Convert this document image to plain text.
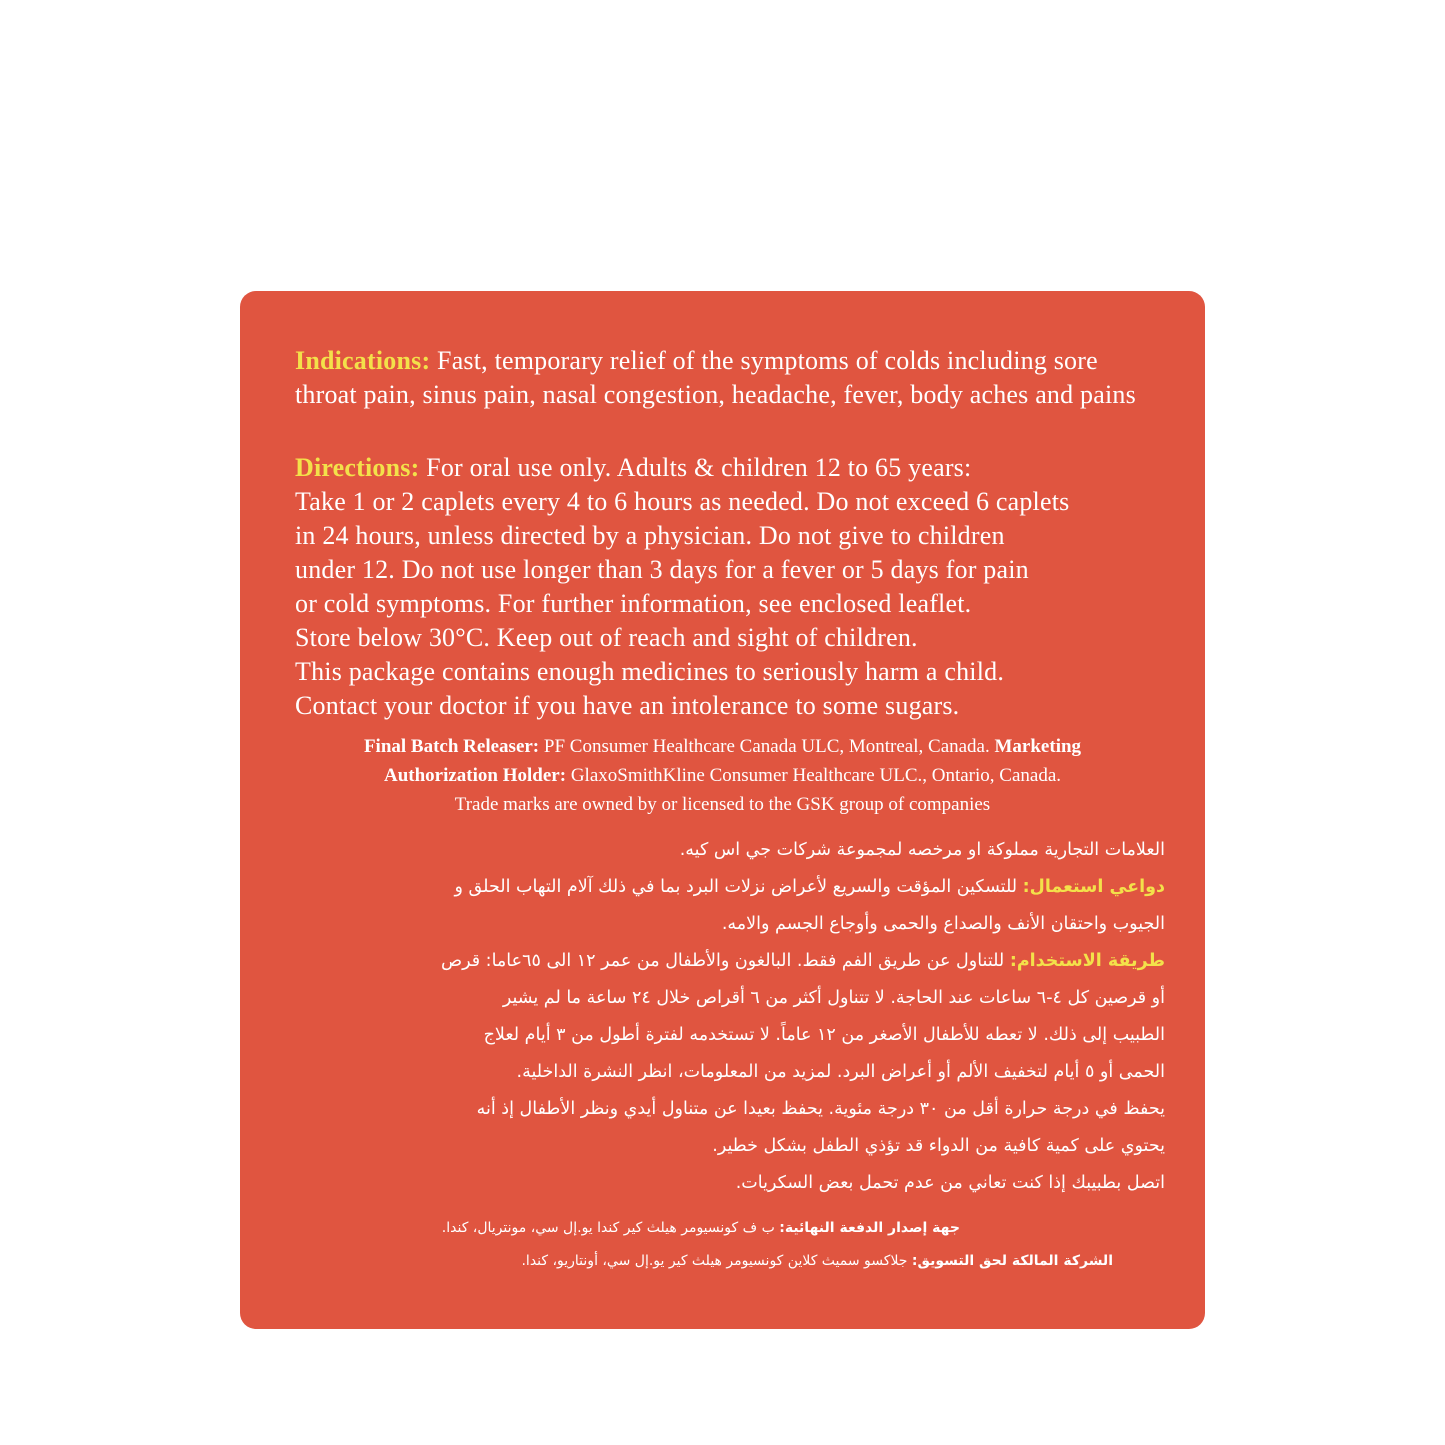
Indications: Fast, temporary relief of the symptoms of colds including sore throat pain, sinus pain, nasal congestion, headache, fever, body aches and pains
Directions: For oral use only. Adults & children 12 to 65 years:
Take 1 or 2 caplets every 4 to 6 hours as needed. Do not exceed 6 caplets
in 24 hours, unless directed by a physician. Do not give to children
under 12. Do not use longer than 3 days for a fever or 5 days for pain
or cold symptoms. For further information, see enclosed leaflet.
Store below 30°C. Keep out of reach and sight of children.
This package contains enough medicines to seriously harm a child.
Contact your doctor if you have an intolerance to some sugars.
Final Batch Releaser: PF Consumer Healthcare Canada ULC, Montreal, Canada. Marketing
Authorization Holder: GlaxoSmithKline Consumer Healthcare ULC., Ontario, Canada.
Trade marks are owned by or licensed to the GSK group of companies
العلامات التجارية مملوكة او مرخصه لمجموعة شركات جي اس كيه.
دواعي استعمال: للتسكين المؤقت والسريع لأعراض نزلات البرد بما في ذلك آلام التهاب الحلق و
الجيوب واحتقان الأنف والصداع والحمى وأوجاع الجسم والامه.
طريقة الاستخدام: للتناول عن طريق الفم فقط. البالغون والأطفال من عمر ١٢ الى ٦٥عاما: قرص
أو قرصين كل ٤-٦ ساعات عند الحاجة. لا تتناول أكثر من ٦ أقراص خلال ٢٤ ساعة ما لم يشير
الطبيب إلى ذلك. لا تعطه للأطفال الأصغر من ١٢ عاماً. لا تستخدمه لفترة أطول من ٣ أيام لعلاج
الحمى أو ٥ أيام لتخفيف الألم أو أعراض البرد. لمزيد من المعلومات، انظر النشرة الداخلية.
يحفظ في درجة حرارة أقل من ٣٠ درجة مئوية. يحفظ بعيدا عن متناول أيدي ونظر الأطفال إذ أنه
يحتوي على كمية كافية من الدواء قد تؤذي الطفل بشكل خطير.
اتصل بطبيبك إذا كنت تعاني من عدم تحمل بعض السكريات.
جهة إصدار الدفعة النهائية: ب ف كونسيومر هيلث كير كندا يو.إل سي، مونتريال، كندا.
الشركة المالكة لحق التسويق: جلاكسو سميث كلاين كونسيومر هيلث كير يو.إل سي، أونتاريو، كندا.
